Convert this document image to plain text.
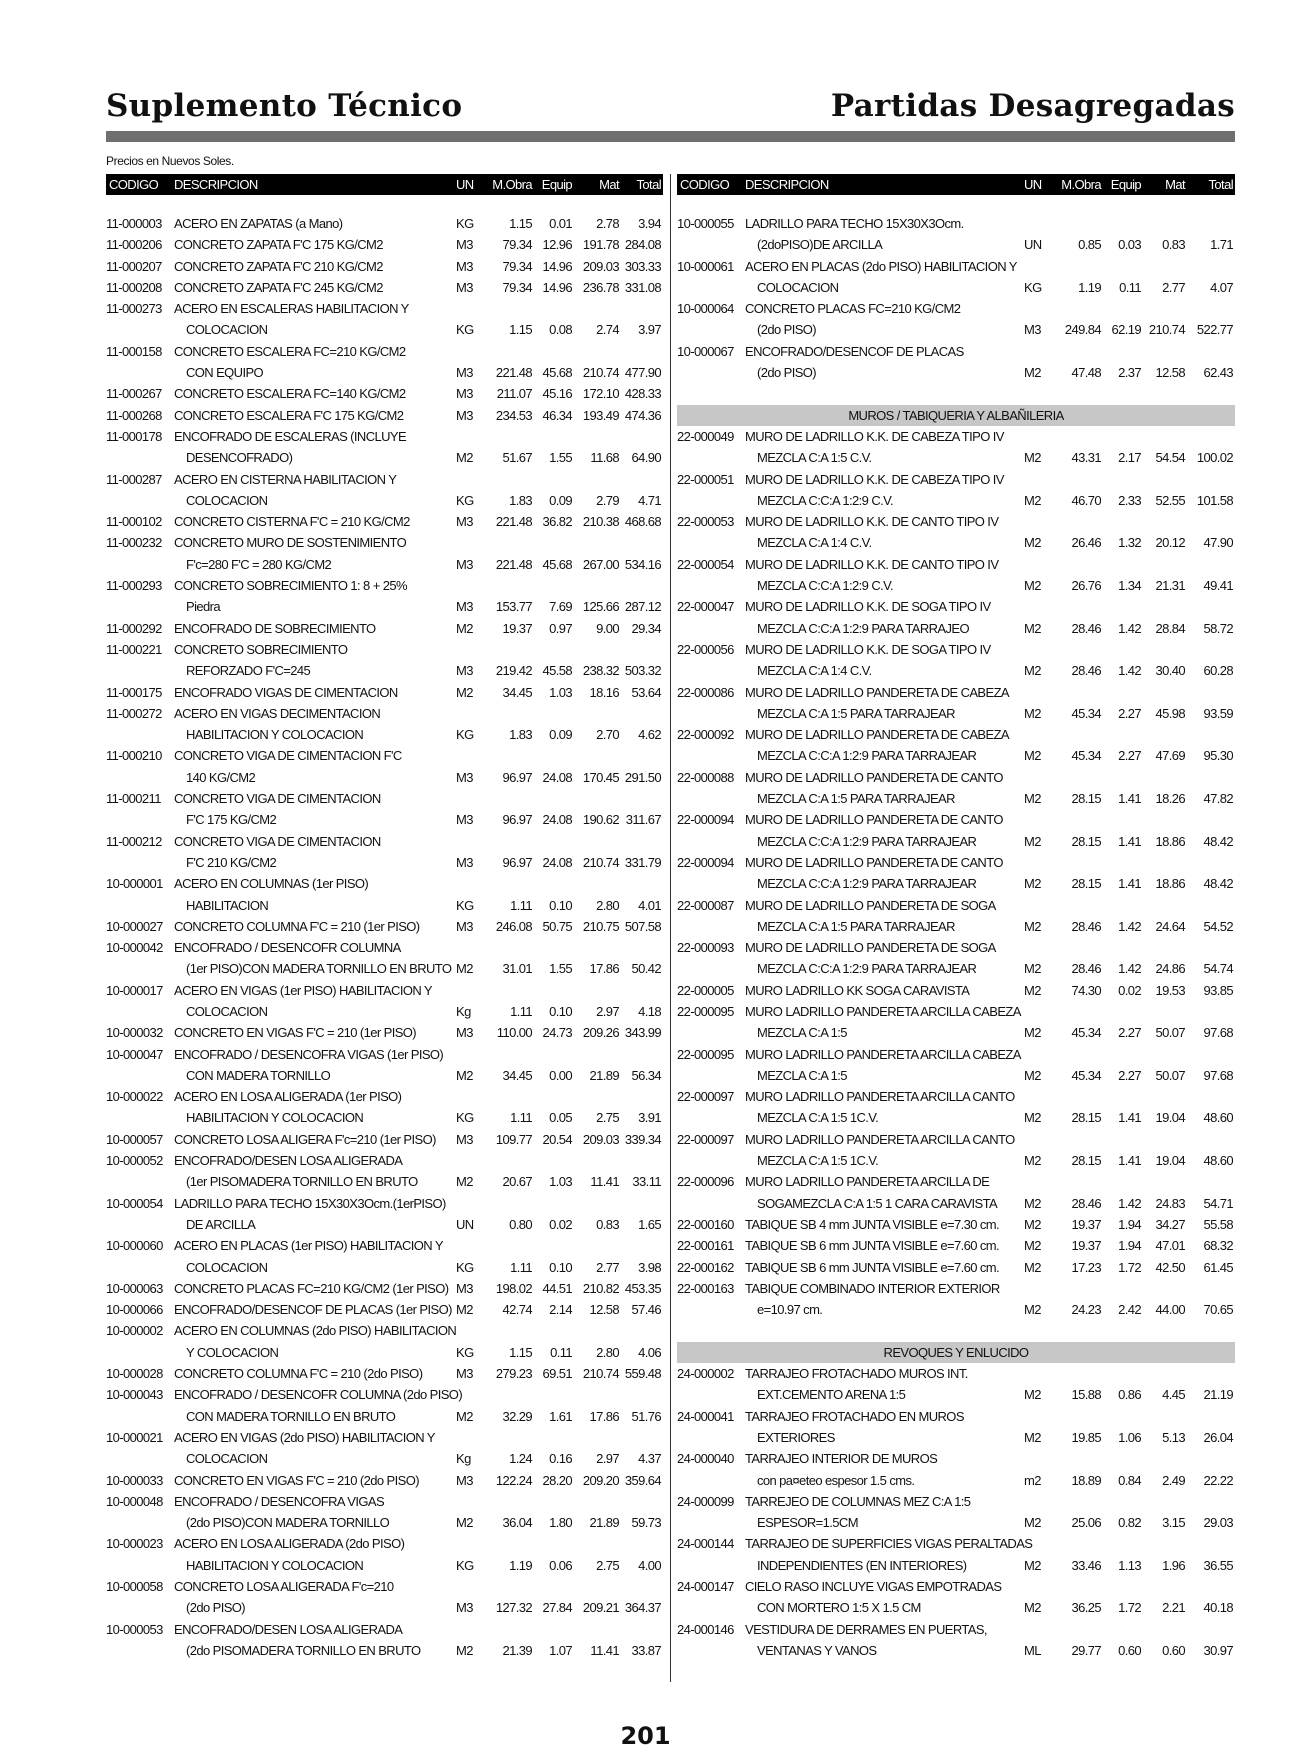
Suplemento Técnico	Partidas Desagregadas
Precios en Nuevos Soles.
CODIGO	DESCRIPCION	UN	M.Obra Equip	Mat	Total
11-000003 ACERO EN ZAPATAS (a Mano)	KG	1.15	0.01	2.78	3.94
11-000206 CONCRETO ZAPATA F'C 175 KG/CM2	M3	79.34 12.96 191.78 284.08
11-000207 CONCRETO ZAPATA F'C 210 KG/CM2	M3	79.34 14.96 209.03 303.33
11-000208 CONCRETO ZAPATA F'C 245 KG/CM2	M3	79.34 14.96 236.78 331.08
11-000273 ACERO EN ESCALERAS HABILITACION Y
COLOCACION	KG	1.15	0.08	2.74	3.97
11-000158 CONCRETO ESCALERA FC=210 KG/CM2
CON EQUIPO	M3	221.48 45.68 210.74 477.90
11-000267 CONCRETO ESCALERA FC=140 KG/CM2	M3	211.07 45.16 172.10 428.33
11-000268 CONCRETO ESCALERA F'C 175 KG/CM2	M3	234.53 46.34 193.49 474.36
11-000178 ENCOFRADO DE ESCALERAS (INCLUYE
DESENCOFRADO)	M2	51.67	1.55	11.68 64.90
11-000287 ACERO EN CISTERNA HABILITACION Y
COLOCACION	KG	1.83	0.09	2.79	4.71
11-000102 CONCRETO CISTERNA F'C = 210 KG/CM2	M3	221.48 36.82 210.38 468.68
11-000232 CONCRETO MURO DE SOSTENIMIENTO
F'c=280 F'C = 280 KG/CM2	M3	221.48 45.68 267.00 534.16
11-000293 CONCRETO SOBRECIMIENTO 1: 8 + 25%
Piedra	M3	153.77	7.69 125.66 287.12
11-000292 ENCOFRADO DE SOBRECIMIENTO	M2	19.37	0.97	9.00 29.34
11-000221 CONCRETO SOBRECIMIENTO
REFORZADO F'C=245	M3	219.42 45.58 238.32 503.32
11-000175 ENCOFRADO VIGAS DE CIMENTACION	M2	34.45	1.03	18.16 53.64
11-000272 ACERO EN VIGAS DECIMENTACION
HABILITACION Y COLOCACION	KG	1.83	0.09	2.70	4.62
11-000210 CONCRETO VIGA DE CIMENTACION F'C
140 KG/CM2	M3	96.97 24.08 170.45 291.50
11-000211	CONCRETO VIGA DE CIMENTACION
F'C 175 KG/CM2	M3	96.97 24.08 190.62 311.67
11-000212 CONCRETO VIGA DE CIMENTACION
F'C 210 KG/CM2	M3	96.97 24.08 210.74 331.79
10-000001 ACERO EN COLUMNAS (1er PISO)
HABILITACION	KG	1.11	0.10	2.80	4.01
10-000027 CONCRETO COLUMNA F'C = 210 (1er PISO)	M3	246.08 50.75 210.75 507.58
10-000042 ENCOFRADO / DESENCOFR COLUMNA
(1er PISO)CON MADERA TORNILLO EN BRUTO M2	31.01	1.55	17.86 50.42
10-000017 ACERO EN VIGAS (1er PISO) HABILITACION Y
COLOCACION	Kg	1.11	0.10	2.97	4.18
10-000032 CONCRETO EN VIGAS F'C = 210 (1er PISO)	M3	110.00 24.73 209.26 343.99
10-000047 ENCOFRADO / DESENCOFRA VIGAS (1er PISO)
CON MADERA TORNILLO	M2	34.45	0.00	21.89 56.34
10-000022 ACERO EN LOSA ALIGERADA (1er PISO)
HABILITACION Y COLOCACION	KG	1.11	0.05	2.75	3.91
10-000057 CONCRETO LOSA ALIGERA F'c=210 (1er PISO)	M3	109.77 20.54 209.03 339.34
10-000052 ENCOFRADO/DESEN LOSA ALIGERADA
(1er PISOMADERA TORNILLO EN BRUTO	M2	20.67	1.03	11.41	33.11
10-000054 LADRILLO PARA TECHO 15X30X3Ocm.(1erPISO)
DE ARCILLA	UN	0.80	0.02	0.83	1.65
10-000060 ACERO EN PLACAS (1er PISO) HABILITACION Y
COLOCACION	KG	1.11	0.10	2.77	3.98
10-000063 CONCRETO PLACAS FC=210 KG/CM2 (1er PISO) M3	198.02 44.51 210.82 453.35
10-000066 ENCOFRADO/DESENCOF DE PLACAS (1er PISO) M2	42.74	2.14	12.58 57.46
10-000002 ACERO EN COLUMNAS (2do PISO) HABILITACION
Y COLOCACION	KG	1.15	0.11	2.80	4.06
10-000028 CONCRETO COLUMNA F'C = 210 (2do PISO)	M3	279.23 69.51 210.74 559.48
10-000043 ENCOFRADO / DESENCOFR COLUMNA (2do PISO)
CON MADERA TORNILLO EN BRUTO	M2	32.29	1.61	17.86 51.76
10-000021 ACERO EN VIGAS (2do PISO) HABILITACION Y
COLOCACION	Kg	1.24	0.16	2.97	4.37
10-000033 CONCRETO EN VIGAS F'C = 210 (2do PISO)	M3	122.24 28.20 209.20 359.64
10-000048 ENCOFRADO / DESENCOFRA VIGAS
(2do PISO)CON MADERA TORNILLO	M2	36.04	1.80	21.89 59.73
10-000023 ACERO EN LOSA ALIGERADA (2do PISO)
HABILITACION Y COLOCACION	KG	1.19	0.06	2.75	4.00
10-000058 CONCRETO LOSA ALIGERADA F'c=210
(2do PISO)	M3	127.32 27.84 209.21 364.37
10-000053 ENCOFRADO/DESEN LOSA ALIGERADA
(2do PISOMADERA TORNILLO EN BRUTO	M2	21.39	1.07	11.41 33.87
CODIGO	DESCRIPCION	UN	M.Obra Equip	Mat	Total
10-000055 LADRILLO PARA TECHO 15X30X3Ocm.
(2doPISO)DE ARCILLA	UN	0.85	0.03	0.83	1.71
10-000061 ACERO EN PLACAS (2do PISO) HABILITACION Y
COLOCACION	KG	1.19	0.11	2.77	4.07
10-000064 CONCRETO PLACAS FC=210 KG/CM2
(2do PISO)	M3	249.84 62.19 210.74 522.77
10-000067 ENCOFRADO/DESENCOF DE PLACAS
(2do PISO)	M2	47.48	2.37	12.58	62.43
MUROS / TABIQUERIA Y ALBAÑILERIA
22-000049 MURO DE LADRILLO K.K. DE CABEZA TIPO IV
MEZCLA C:A 1:5 C.V.	M2	43.31	2.17	54.54 100.02
22-000051 MURO DE LADRILLO K.K. DE CABEZA TIPO IV
MEZCLA C:C:A 1:2:9 C.V.	M2	46.70	2.33	52.55 101.58
22-000053 MURO DE LADRILLO K.K. DE CANTO TIPO IV
MEZCLA C:A 1:4 C.V.	M2	26.46	1.32	20.12	47.90
22-000054 MURO DE LADRILLO K.K. DE CANTO TIPO IV
MEZCLA C:C:A 1:2:9 C.V.	M2	26.76	1.34	21.31	49.41
22-000047 MURO DE LADRILLO K.K. DE SOGA TIPO IV
MEZCLA C:C:A 1:2:9 PARA TARRAJEO	M2	28.46	1.42	28.84	58.72
22-000056 MURO DE LADRILLO K.K. DE SOGA TIPO IV
MEZCLA C:A 1:4 C.V.	M2	28.46	1.42	30.40	60.28
22-000086 MURO DE LADRILLO PANDERETA DE CABEZA
MEZCLA C:A 1:5 PARA TARRAJEAR	M2	45.34	2.27	45.98	93.59
22-000092 MURO DE LADRILLO PANDERETA DE CABEZA
MEZCLA C:C:A 1:2:9 PARA TARRAJEAR	M2	45.34	2.27	47.69	95.30
22-000088 MURO DE LADRILLO PANDERETA DE CANTO
MEZCLA C:A 1:5 PARA TARRAJEAR	M2	28.15	1.41	18.26	47.82
22-000094 MURO DE LADRILLO PANDERETA DE CANTO
MEZCLA C:C:A 1:2:9 PARA TARRAJEAR	M2	28.15	1.41	18.86	48.42
22-000094 MURO DE LADRILLO PANDERETA DE CANTO
MEZCLA C:C:A 1:2:9 PARA TARRAJEAR	M2	28.15	1.41	18.86	48.42
22-000087 MURO DE LADRILLO PANDERETA DE SOGA
MEZCLA C:A 1:5 PARA TARRAJEAR	M2	28.46	1.42	24.64	54.52
22-000093 MURO DE LADRILLO PANDERETA DE SOGA
MEZCLA C:C:A 1:2:9 PARA TARRAJEAR	M2	28.46	1.42	24.86	54.74
22-000005 MURO LADRILLO KK SOGA CARAVISTA	M2	74.30	0.02	19.53	93.85
22-000095 MURO LADRILLO PANDERETA ARCILLA CABEZA
MEZCLA C:A 1:5	M2	45.34	2.27	50.07	97.68
22-000095 MURO LADRILLO PANDERETA ARCILLA CABEZA
MEZCLA C:A 1:5	M2	45.34	2.27	50.07	97.68
22-000097 MURO LADRILLO PANDERETA ARCILLA CANTO
MEZCLA C:A 1:5 1C.V.	M2	28.15	1.41	19.04	48.60
22-000097 MURO LADRILLO PANDERETA ARCILLA CANTO
MEZCLA C:A 1:5 1C.V.	M2	28.15	1.41	19.04	48.60
22-000096 MURO LADRILLO PANDERETA ARCILLA DE
SOGAMEZCLA C:A 1:5 1 CARA CARAVISTA	M2	28.46	1.42	24.83	54.71
22-000160 TABIQUE SB 4 mm JUNTA VISIBLE e=7.30 cm.	M2	19.37	1.94	34.27	55.58
22-000161 TABIQUE SB 6 mm JUNTA VISIBLE e=7.60 cm.	M2	19.37	1.94	47.01	68.32
22-000162 TABIQUE SB 6 mm JUNTA VISIBLE e=7.60 cm.	M2	17.23	1.72	42.50	61.45
22-000163 TABIQUE COMBINADO INTERIOR EXTERIOR
e=10.97 cm.	M2	24.23	2.42	44.00	70.65
REVOQUES Y ENLUCIDO
24-000002 TARRAJEO FROTACHADO MUROS INT.
EXT.CEMENTO ARENA 1:5	M2	15.88	0.86	4.45	21.19
24-000041 TARRAJEO FROTACHADO EN MUROS
EXTERIORES	M2	19.85	1.06	5.13	26.04
24-000040 TARRAJEO INTERIOR DE MUROS
con pa¤eteo espesor 1.5 cms.	m2	18.89	0.84	2.49	22.22
24-000099 TARREJEO DE COLUMNAS MEZ C:A 1:5
ESPESOR=1.5CM	M2	25.06	0.82	3.15	29.03
24-000144 TARRAJEO DE SUPERFICIES VIGAS PERALTADAS
INDEPENDIENTES (EN INTERIORES)	M2	33.46	1.13	1.96	36.55
24-000147 CIELO RASO INCLUYE VIGAS EMPOTRADAS
CON MORTERO 1:5 X 1.5 CM	M2	36.25	1.72	2.21	40.18
24-000146 VESTIDURA DE DERRAMES EN PUERTAS,
VENTANAS Y VANOS	ML	29.77	0.60	0.60	30.97
201
